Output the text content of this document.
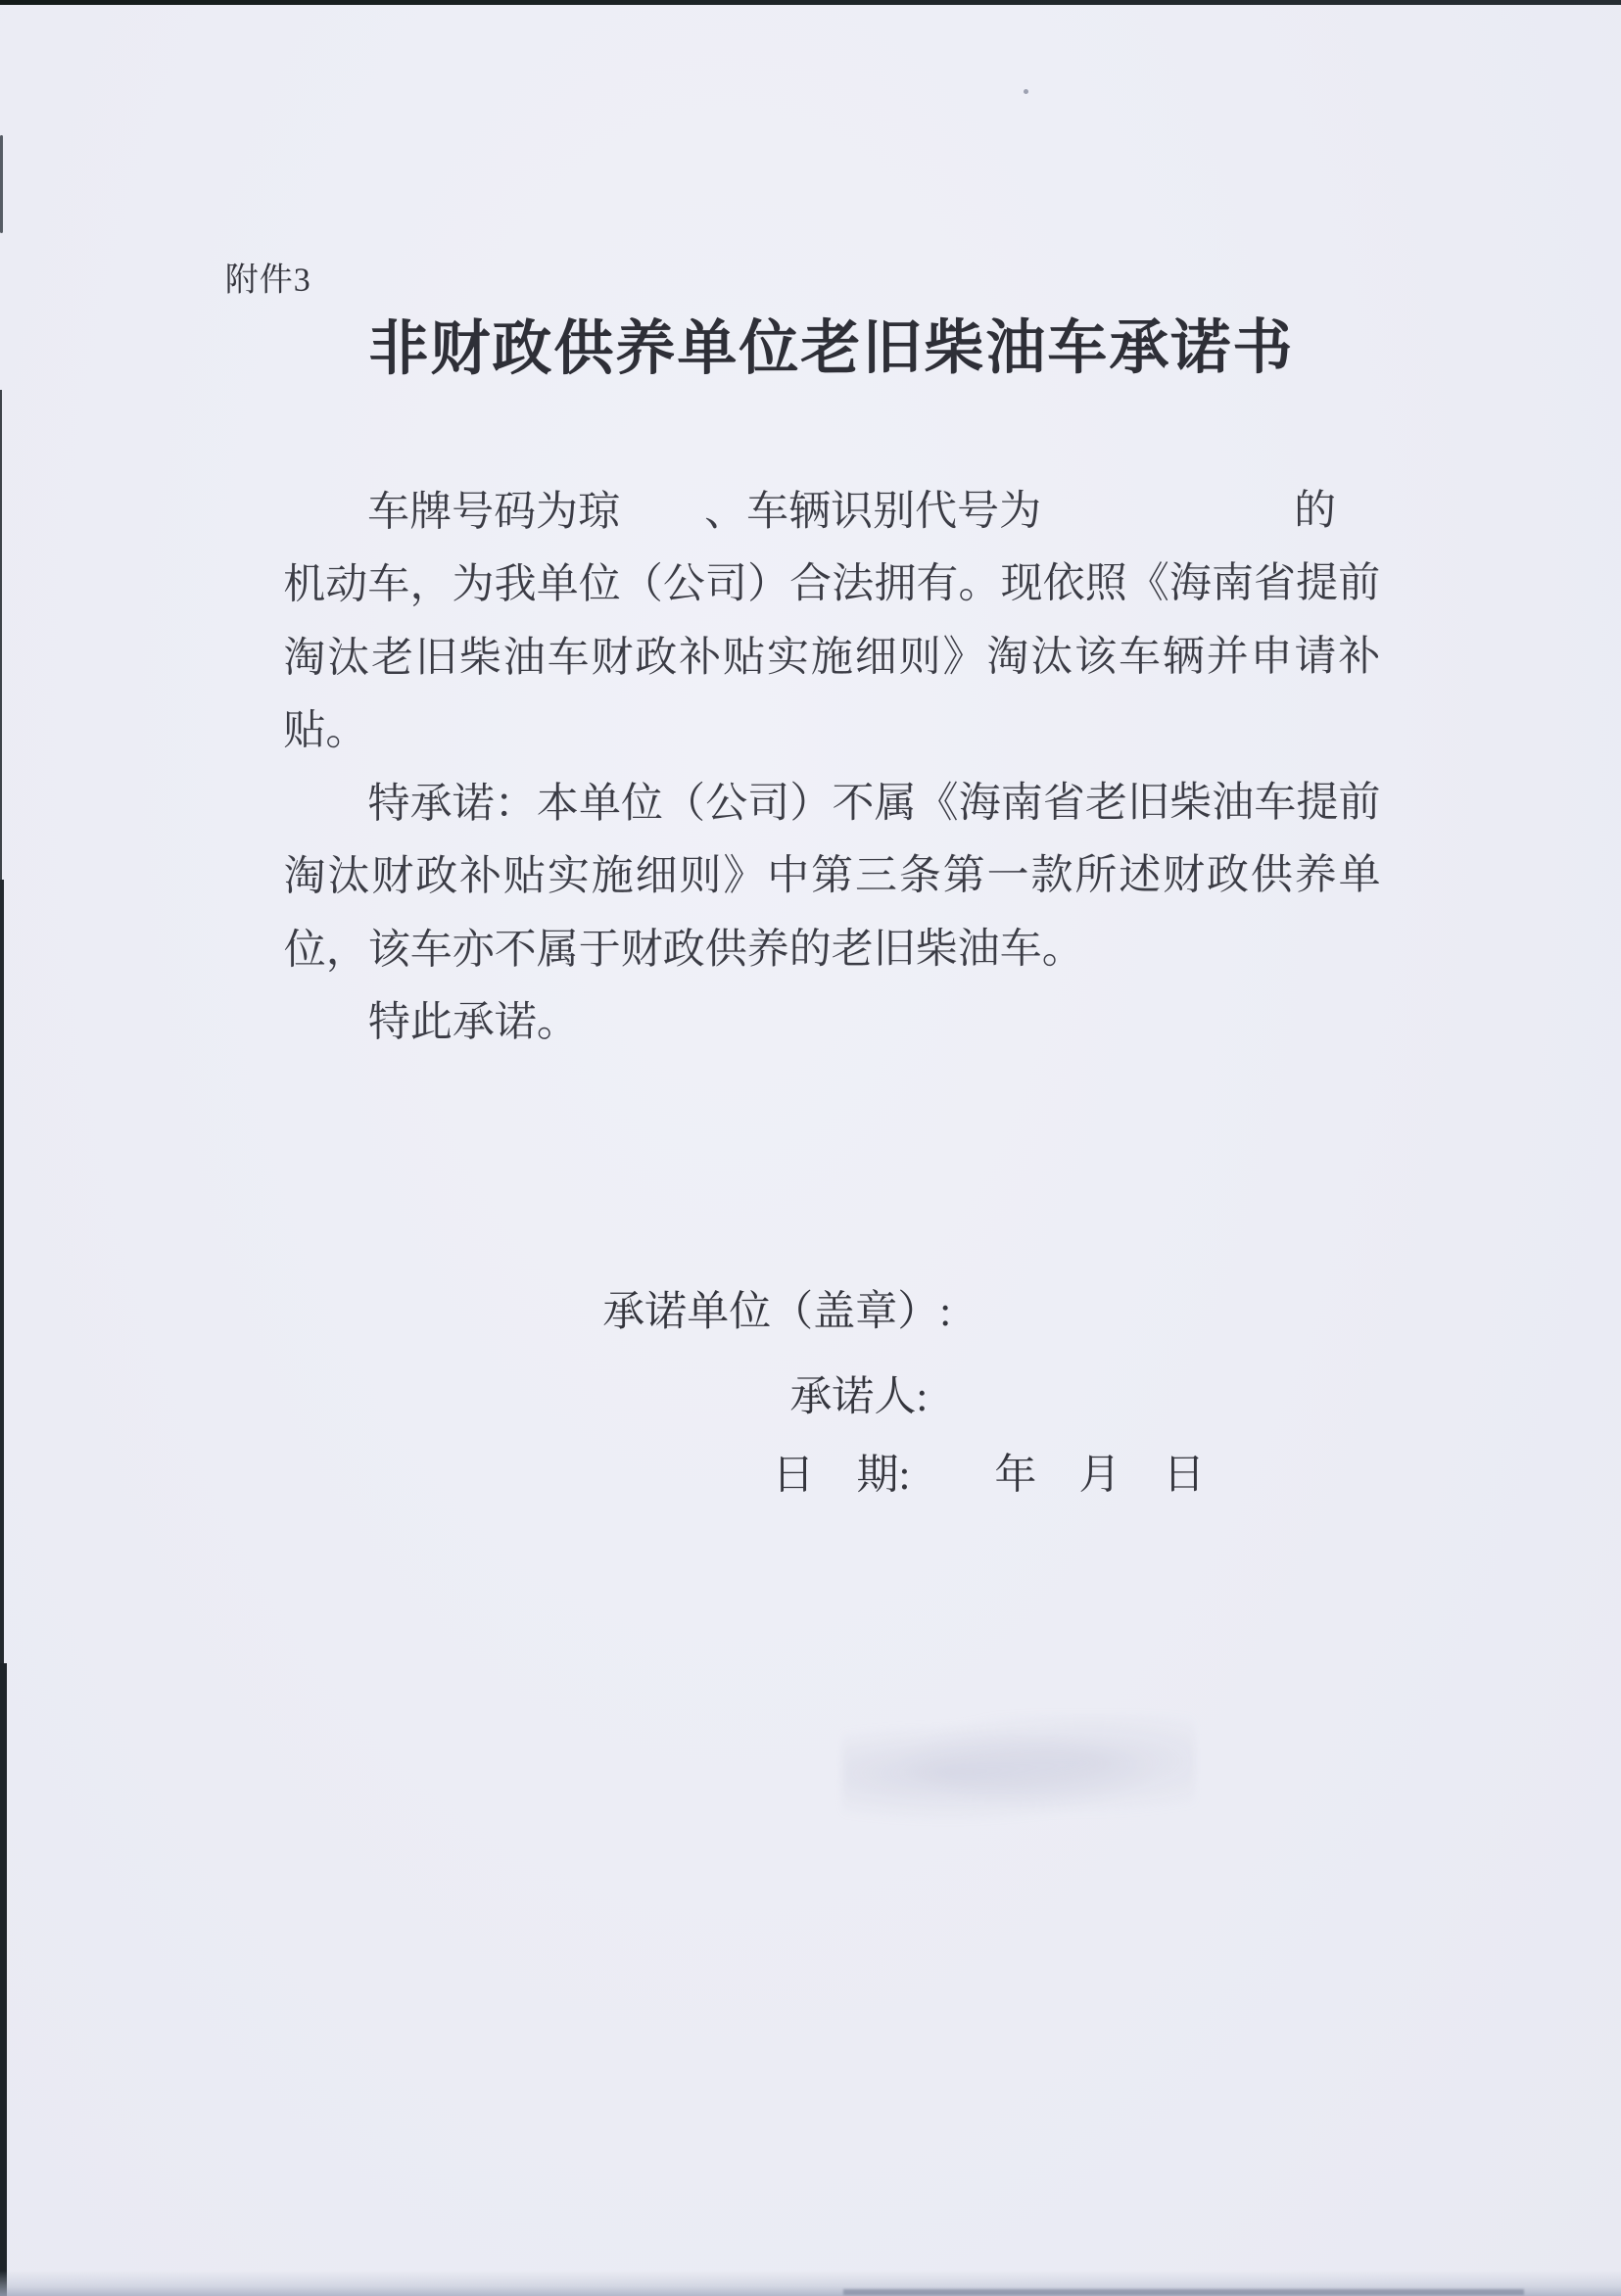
附件3
非财政供养单位老旧柴油车承诺书
车牌号码为琼　　、车辆识别代号为　　　　　　的
机动车，为我单位（公司）合法拥有。现依照《海南省提前
淘汰老旧柴油车财政补贴实施细则》淘汰该车辆并申请补
贴。
特承诺：本单位（公司）不属《海南省老旧柴油车提前
淘汰财政补贴实施细则》中第三条第一款所述财政供养单
位，该车亦不属于财政供养的老旧柴油车。
特此承诺。
承诺单位（盖章）:
承诺人:
日　期:　　年　月　日
